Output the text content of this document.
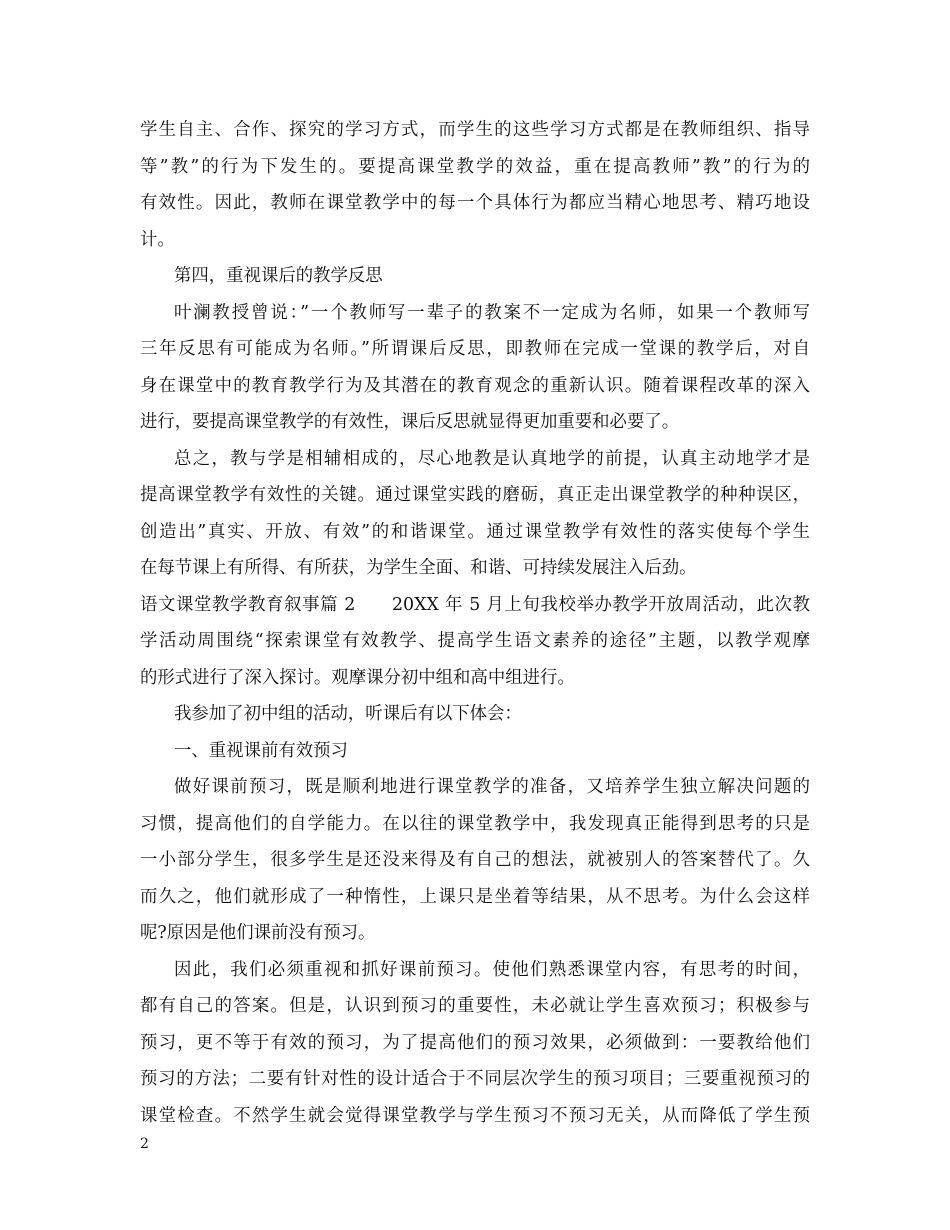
学生自主、合作、探究的学习方式，而学生的这些学习方式都是在教师组织、指导
等”教”的行为下发生的。要提高课堂教学的效益，重在提高教师”教”的行为的
有效性。因此，教师在课堂教学中的每一个具体行为都应当精心地思考、精巧地设
计。
第四，重视课后的教学反思
叶澜教授曾说：”一个教师写一辈子的教案不一定成为名师，如果一个教师写
三年反思有可能成为名师。”所谓课后反思，即教师在完成一堂课的教学后，对自
身在课堂中的教育教学行为及其潜在的教育观念的重新认识。随着课程改革的深入
进行，要提高课堂教学的有效性，课后反思就显得更加重要和必要了。
总之，教与学是相辅相成的，尽心地教是认真地学的前提，认真主动地学才是
提高课堂教学有效性的关键。通过课堂实践的磨砺，真正走出课堂教学的种种误区，
创造出”真实、开放、有效”的和谐课堂。通过课堂教学有效性的落实使每个学生
在每节课上有所得、有所获，为学生全面、和谐、可持续发展注入后劲。
语文课堂教学教育叙事篇 2　　20XX 年 5 月上旬我校举办教学开放周活动，此次教
学活动周围绕“探索课堂有效教学、提高学生语文素养的途径”主题，以教学观摩
的形式进行了深入探讨。观摩课分初中组和高中组进行。
我参加了初中组的活动，听课后有以下体会：
一、重视课前有效预习
做好课前预习，既是顺利地进行课堂教学的准备，又培养学生独立解决问题的
习惯，提高他们的自学能力。在以往的课堂教学中，我发现真正能得到思考的只是
一小部分学生，很多学生是还没来得及有自己的想法，就被别人的答案替代了。久
而久之，他们就形成了一种惰性，上课只是坐着等结果，从不思考。为什么会这样
呢?原因是他们课前没有预习。
因此，我们必须重视和抓好课前预习。使他们熟悉课堂内容，有思考的时间，
都有自己的答案。但是，认识到预习的重要性，未必就让学生喜欢预习；积极参与
预习，更不等于有效的预习，为了提高他们的预习效果，必须做到：一要教给他们
预习的方法；二要有针对性的设计适合于不同层次学生的预习项目；三要重视预习的
课堂检查。不然学生就会觉得课堂教学与学生预习不预习无关，从而降低了学生预
2
